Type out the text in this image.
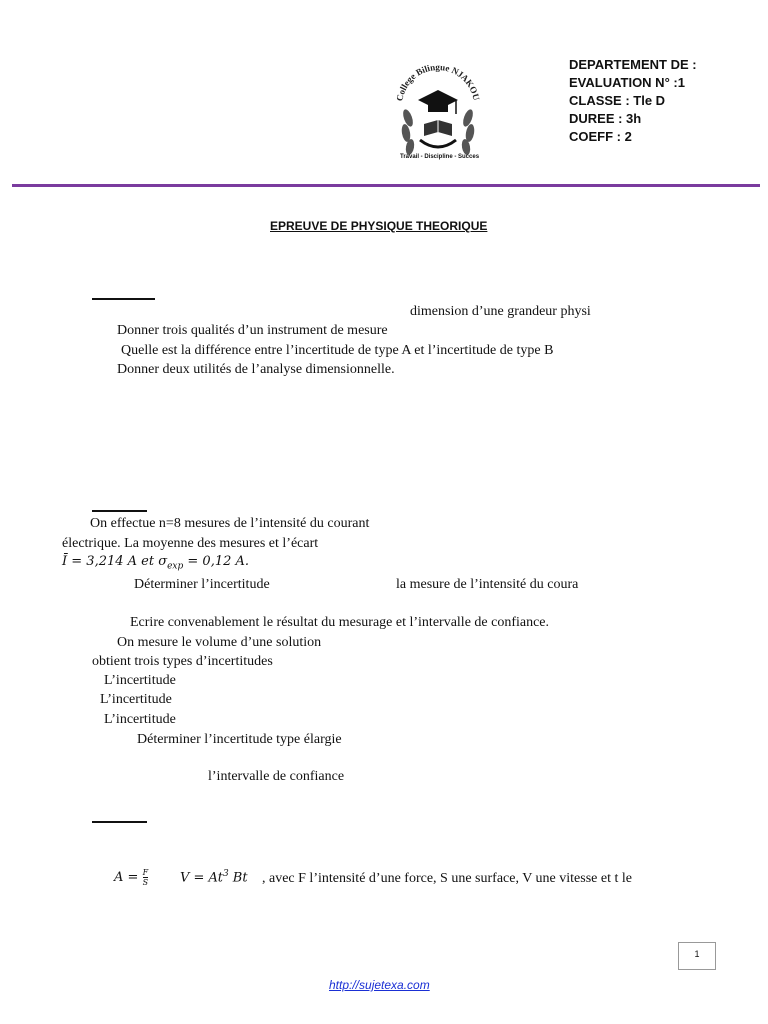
College Bilingue NJAKOU
Travail - Discipline - Succes
DEPARTEMENT DE :
EVALUATION N° :1
CLASSE : Tle D
DUREE : 3h
COEFF : 2
EPREUVE DE PHYSIQUE THEORIQUE
dimension d’une grandeur physi
Donner trois qualités d’un instrument de mesure
Quelle est la différence entre l’incertitude de type A et l’incertitude de type B
Donner deux utilités de l’analyse dimensionnelle.
On effectue n=8 mesures de l’intensité du courant
électrique. La moyenne des mesures et l’écart
Ī = 3,214 A et $\sigma_{exp} = 0,12$ A.
Déterminer l’incertitude	la mesure de l’intensité du coura
Ecrire convenablement le résultat du mesurage et l’intervalle de confiance.
On mesure le volume d’une solution
obtient trois types d’incertitudes
L’incertitude
L’incertitude
L’incertitude
Déterminer l’incertitude type élargie
l’intervalle de confiance
$A = \frac{F}{S}$ $V = At^3$ Bt , avec F l’intensité d’une force, S une surface, V une vitesse et t le
1
http://sujetexa.com
